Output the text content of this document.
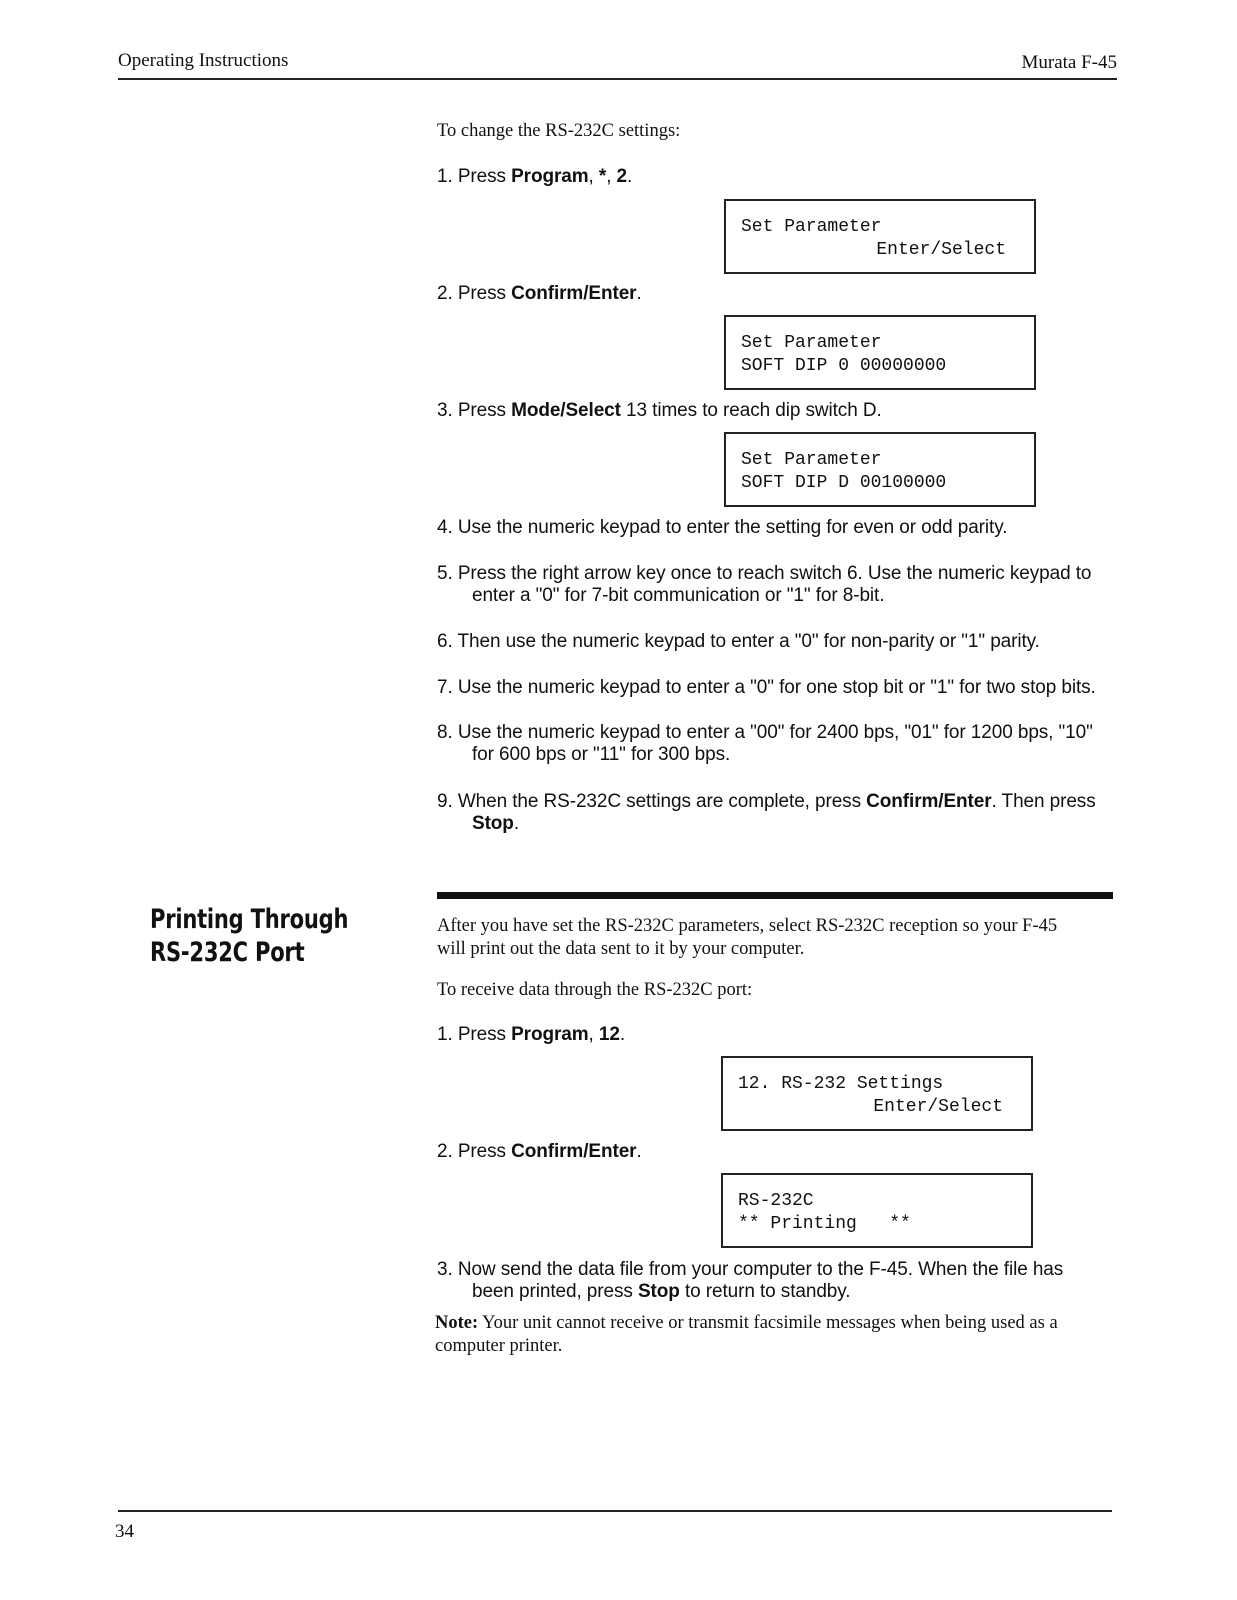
Operating Instructions	Murata F-45
To change the RS-232C settings:
1. Press Program, *, 2.
Set Parameter
Enter/Select
2. Press Confirm/Enter.
Set Parameter
SOFT DIP 0 00000000
3. Press Mode/Select 13 times to reach dip switch D.
Set Parameter
SOFT DIP D 00100000
4. Use the numeric keypad to enter the setting for even or odd parity.
5. Press the right arrow key once to reach switch 6. Use the numeric keypad to
enter a "0" for 7-bit communication or "1" for 8-bit.
6. Then use the numeric keypad to enter a "0" for non-parity or "1" parity.
7. Use the numeric keypad to enter a "0" for one stop bit or "1" for two stop bits.
8. Use the numeric keypad to enter a "00" for 2400 bps, "01" for 1200 bps, "10"
for 600 bps or "11" for 300 bps.
9. When the RS-232C settings are complete, press Confirm/Enter. Then press
Stop.
Printing Through
RS-232C Port
After you have set the RS-232C parameters, select RS-232C reception so your F-45
will print out the data sent to it by your computer.
To receive data through the RS-232C port:
1. Press Program, 12.
12. RS-232 Settings
Enter/Select
2. Press Confirm/Enter.
RS-232C
** Printing   **
3. Now send the data file from your computer to the F-45. When the file has
been printed, press Stop to return to standby.
Note: Your unit cannot receive or transmit facsimile messages when being used as a
computer printer.
34
